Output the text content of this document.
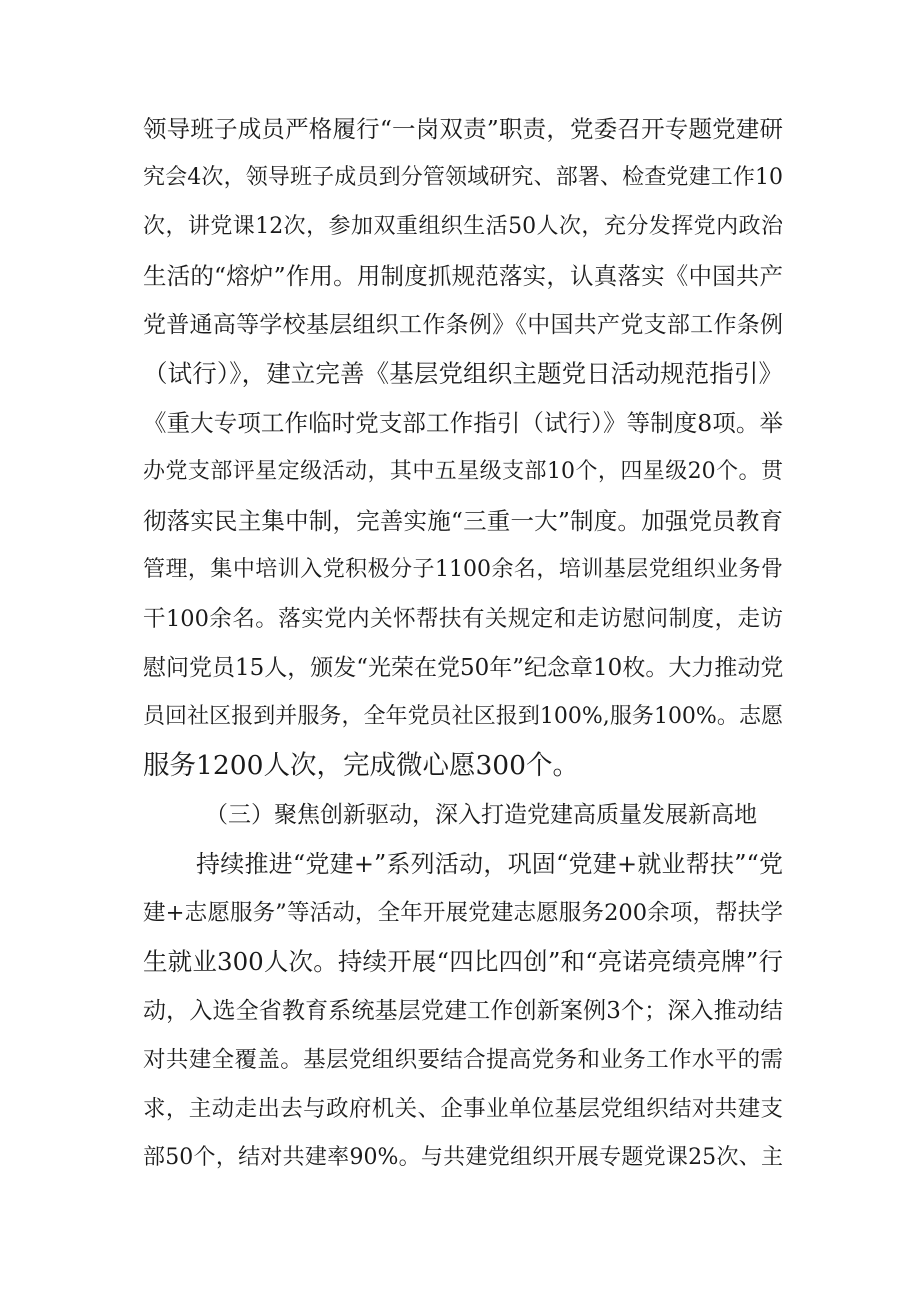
领导班子成员严格履行“一岗双责”职责，党委召开专题党建研
究会4次，领导班子成员到分管领域研究、部署、检查党建工作10
次，讲党课12次，参加双重组织生活50人次，充分发挥党内政治
生活的“熔炉”作用。用制度抓规范落实，认真落实《中国共产
党普通高等学校基层组织工作条例》《中国共产党支部工作条例
（试行）》，建立完善《基层党组织主题党日活动规范指引》
《重大专项工作临时党支部工作指引（试行）》等制度8项。举
办党支部评星定级活动，其中五星级支部10个，四星级20个。贯
彻落实民主集中制，完善实施“三重一大”制度。加强党员教育
管理，集中培训入党积极分子1100余名，培训基层党组织业务骨
干100余名。落实党内关怀帮扶有关规定和走访慰问制度，走访
慰问党员15人，颁发“光荣在党50年”纪念章10枚。大力推动党
员回社区报到并服务，全年党员社区报到100%,服务100%。志愿
服务1200人次，完成微心愿300个。
（三）聚焦创新驱动，深入打造党建高质量发展新高地
持续推进“党建+”系列活动，巩固“党建+就业帮扶”“党
建+志愿服务”等活动，全年开展党建志愿服务200余项，帮扶学
生就业300人次。持续开展“四比四创”和“亮诺亮绩亮牌”行
动，入选全省教育系统基层党建工作创新案例3个；深入推动结
对共建全覆盖。基层党组织要结合提高党务和业务工作水平的需
求，主动走出去与政府机关、企事业单位基层党组织结对共建支
部50个，结对共建率90%。与共建党组织开展专题党课25次、主
